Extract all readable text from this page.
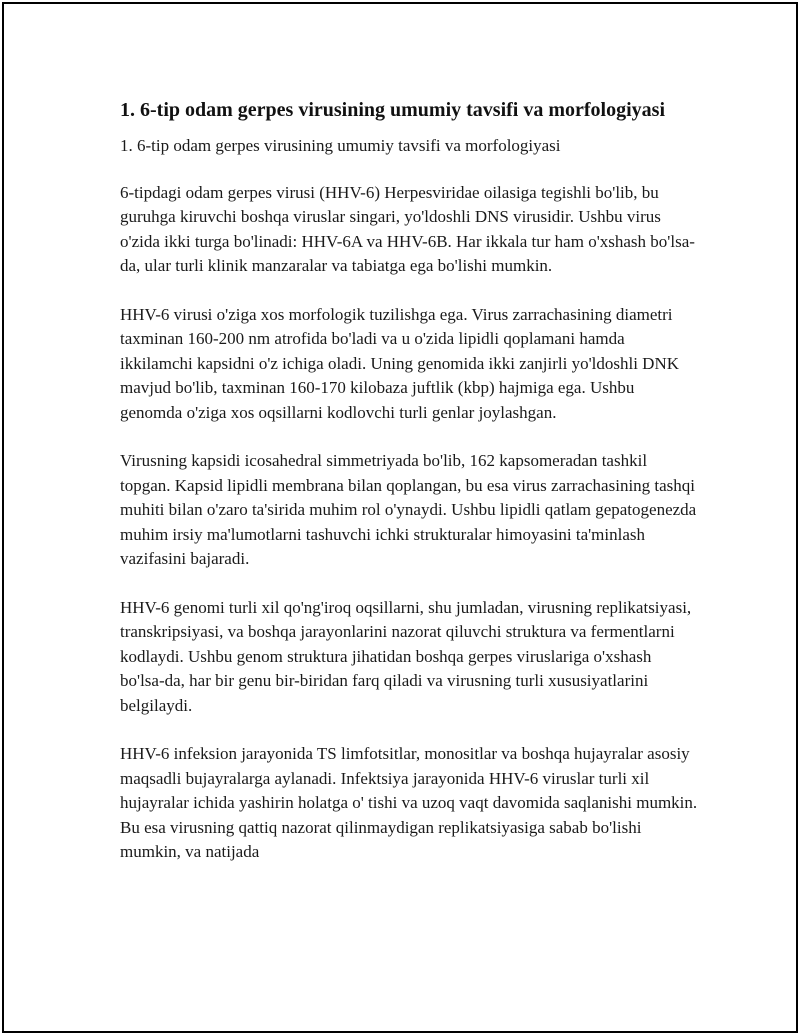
1. 6-tip odam gerpes virusining umumiy tavsifi va morfologiyasi

1. 6-tip odam gerpes virusining umumiy tavsifi va morfologiyasi

6-tipdagi odam gerpes virusi (HHV-6) Herpesviridae oilasiga tegishli bo'lib, bu guruhga kiruvchi boshqa viruslar singari, yo'ldoshli DNS virusidir. Ushbu virus o'zida ikki turga bo'linadi: HHV-6A va HHV-6B. Har ikkala tur ham o'xshash bo'lsa-da, ular turli klinik manzaralar va tabiatga ega bo'lishi mumkin.

HHV-6 virusi o'ziga xos morfologik tuzilishga ega. Virus zarrachasining diametri taxminan 160-200 nm atrofida bo'ladi va u o'zida lipidli qoplamani hamda ikkilamchi kapsidni o'z ichiga oladi. Uning genomida ikki zanjirli yo'ldoshli DNK mavjud bo'lib, taxminan 160-170 kilobaza juftlik (kbp) hajmiga ega. Ushbu genomda o'ziga xos oqsillarni kodlovchi turli genlar joylashgan.

Virusning kapsidi icosahedral simmetriyada bo'lib, 162 kapsomeradan tashkil topgan. Kapsid lipidli membrana bilan qoplangan, bu esa virus zarrachasining tashqi muhiti bilan o'zaro ta'sirida muhim rol o'ynaydi. Ushbu lipidli qatlam gepatogenezda muhim irsiy ma'lumotlarni tashuvchi ichki strukturalar himoyasini ta'minlash vazifasini bajaradi.

HHV-6 genomi turli xil qo'ng'iroq oqsillarni, shu jumladan, virusning replikatsiyasi, transkripsiyasi, va boshqa jarayonlarini nazorat qiluvchi struktura va fermentlarni kodlaydi. Ushbu genom struktura jihatidan boshqa gerpes viruslariga o'xshash bo'lsa-da, har bir genu bir-biridan farq qiladi va virusning turli xususiyatlarini belgilaydi.

HHV-6 infeksion jarayonida TS limfotsitlar, monositlar va boshqa hujayralar asosiy maqsadli bujayralarga aylanadi. Infektsiya jarayonida HHV-6 viruslar turli xil hujayralar ichida yashirin holatga o' tishi va uzoq vaqt davomida saqlanishi mumkin. Bu esa virusning qattiq nazorat qilinmaydigan replikatsiyasiga sabab bo'lishi mumkin, va natijada
